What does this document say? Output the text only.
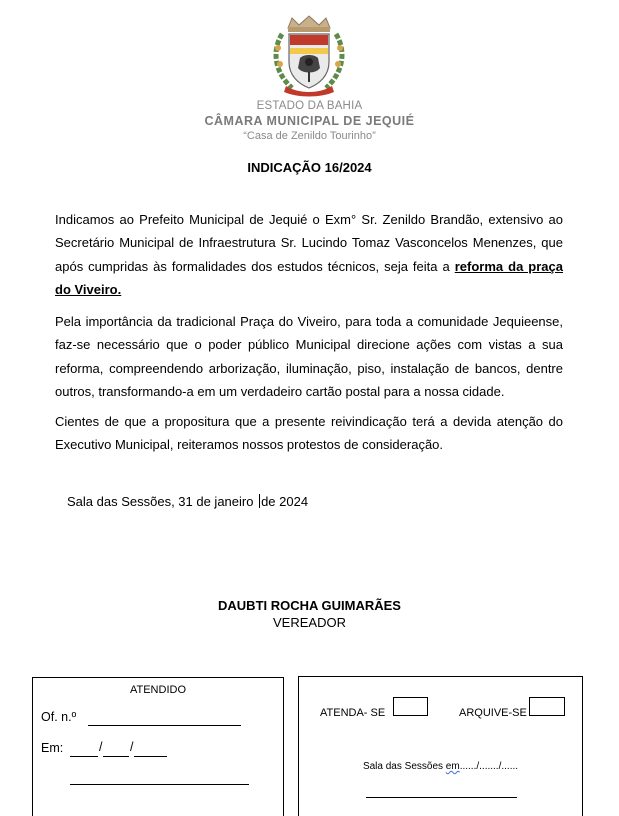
ESTADO DA BAHIA
CÂMARA MUNICIPAL DE JEQUIÉ
“Casa de Zenildo Tourinho”
INDICAÇÃO 16/2024
Indicamos ao Prefeito Municipal de Jequié o Exm° Sr. Zenildo Brandão, extensivo ao Secretário Municipal de Infraestrutura Sr. Lucindo Tomaz Vasconcelos Menenzes, que após cumpridas às formalidades dos estudos técnicos, seja feita a reforma da praça do Viveiro.
Pela importância da tradicional Praça do Viveiro, para toda a comunidade Jequieense, faz-se necessário que o poder público Municipal direcione ações com vistas a sua reforma, compreendendo arborização, iluminação, piso, instalação de bancos, dentre outros, transformando-a em um verdadeiro cartão postal para a nossa cidade.
Cientes de que a propositura que a presente reivindicação terá a devida atenção do Executivo Municipal, reiteramos nossos protestos de consideração.
Sala das Sessões, 31 de janeiro de 2024
DAUBTI ROCHA GUIMARÃES
VEREADOR
ATENDIDO
Of. n.º
Em:	/ /
ATENDA- SE	ARQUIVE-SE
Sala das Sessões em....../......./......
